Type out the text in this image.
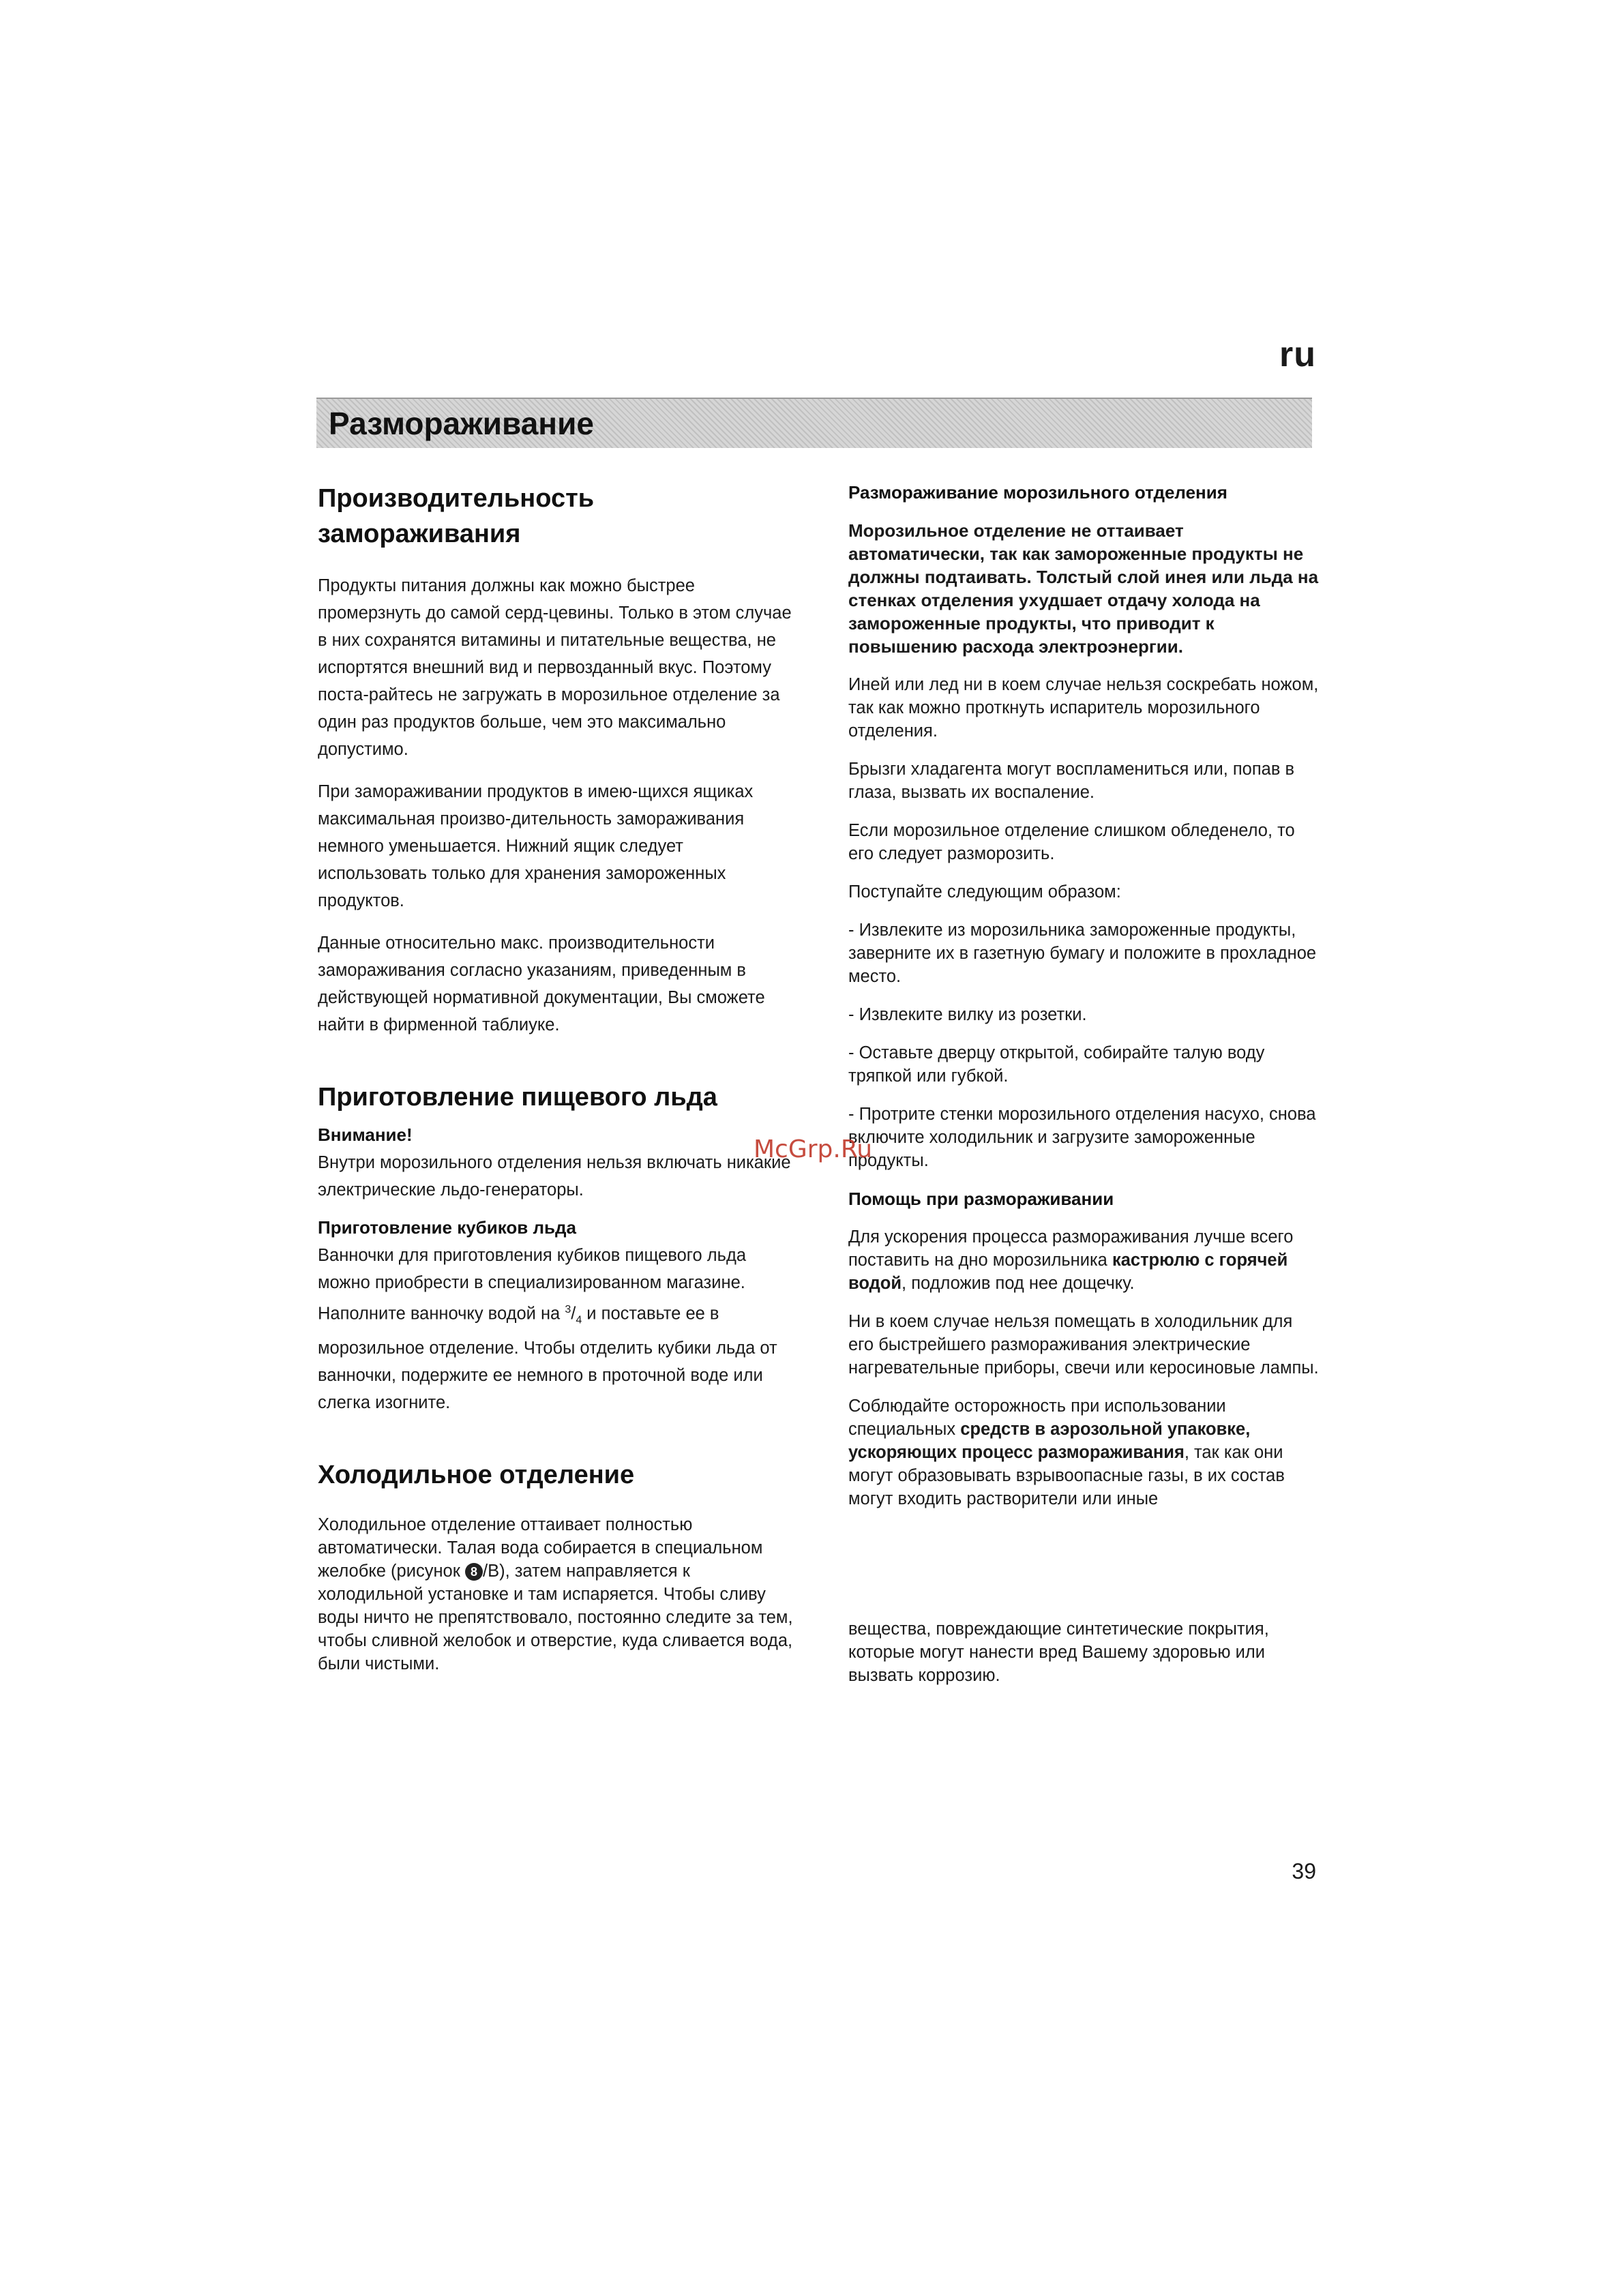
ru
Размораживание
Производительность замораживания

Продукты питания должны как можно быстрее промерзнуть до самой серд-цевины. Только в этом случае в них сохранятся витамины и питательные вещества, не испортятся внешний вид и первозданный вкус. Поэтому поста-райтесь не загружать в морозильное отделение за один раз продуктов больше, чем это максимально допустимо.

При замораживании продуктов в имею-щихся ящиках максимальная произво-дительность замораживания немного уменьшается. Нижний ящик следует использовать только для хранения замороженных продуктов.

Данные относительно макс. производительности замораживания согласно указаниям, приведенным в действующей нормативной документации, Вы сможете найти в фирменной таблиуке.

Приготовление пищевого льда
Внимание!

Внутри морозильного отделения нельзя включать никакие электрические льдо-генераторы.

Приготовление кубиков льда

Ванночки для приготовления кубиков пищевого льда можно приобрести в специализированном магазине. Наполните ванночку водой на $^3/_4$ и поставьте ее в морозильное отделение. Чтобы отделить кубики льда от ванночки, подержите ее немного в проточной воде или слегка изогните.

Холодильное отделение

Холодильное отделение оттаивает полностью автоматически. Талая вода собирается в специальном желобке (рисунок 8 /B), затем направляется к холодильной установке и там испаряется. Чтобы сливу воды ничто не препятствовало, постоянно следите за тем, чтобы сливной желобок и отверстие, куда сливается вода, были чистыми.

Размораживание морозильного отделения
Морозильное отделение не оттаивает автоматически, так как замороженные продукты не должны подтаивать. Толстый слой инея или льда на стенках отделения ухудшает отдачу холода на замороженные продукты, что приводит к повышению расхода электроэнергии.

Иней или лед ни в коем случае нельзя соскребать ножом, так как можно проткнуть испаритель морозильного отделения.

Брызги хладагента могут воспламениться или, попав в глаза, вызвать их воспаление.

Если морозильное отделение слишком обледенело, то его следует разморозить.

Поступайте следующим образом:

- Извлеките из морозильника замороженные продукты, заверните их в газетную бумагу и положите в прохладное место.

- Извлеките вилку из розетки.

- Оставьте дверцу открытой, собирайте талую воду тряпкой или губкой.

- Протрите стенки морозильного отделения насухо, снова включите холодильник и загрузите замороженные продукты.

Помощь при размораживании

Для ускорения процесса размораживания лучше всего поставить на дно морозильника кастрюлю с горячей водой, подложив под нее дощечку.

Ни в коем случае нельзя помещать в холодильник для его быстрейшего размораживания электрические нагревательные приборы, свечи или керосиновые лампы.

Соблюдайте осторожность при использовании специальных средств в аэрозольной упаковке, ускоряющих процесс размораживания, так как они могут образовывать взрывоопасные газы, в их состав могут входить растворители или иные

вещества, повреждающие синтетические покрытия, которые могут нанести вред Вашему здоровью или вызвать коррозию.

McGrp.Ru
39
